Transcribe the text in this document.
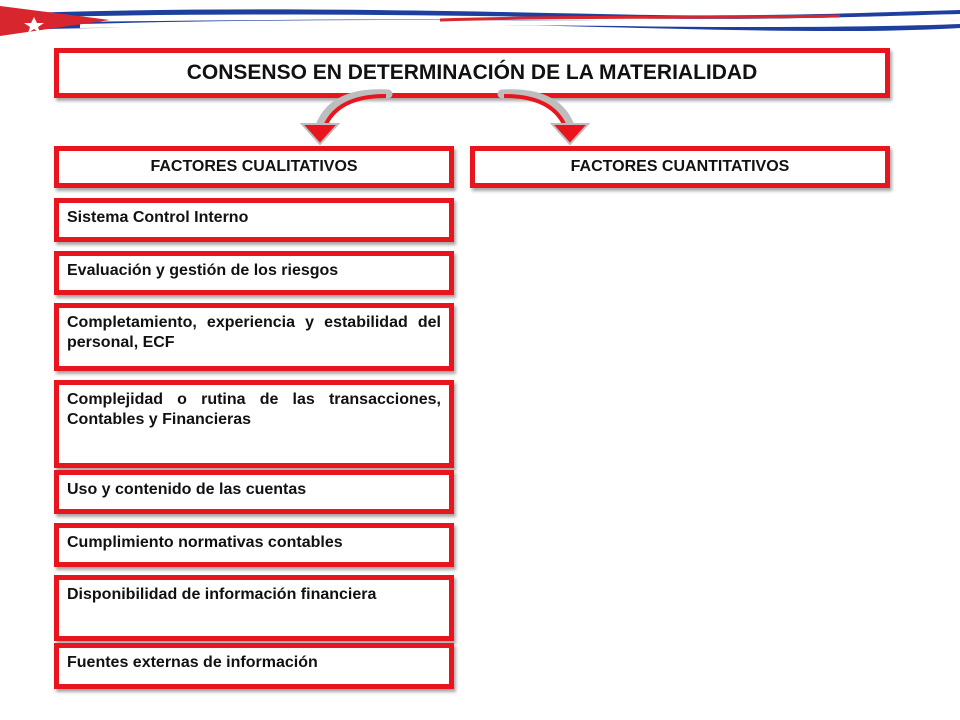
CONSENSO EN DETERMINACIÓN DE LA MATERIALIDAD
FACTORES CUALITATIVOS	FACTORES CUANTITATIVOS
Sistema Control Interno
Evaluación y gestión de los riesgos
Completamiento, experiencia y estabilidad del personal, ECF
Complejidad o rutina de las transacciones, Contables y Financieras
Uso y contenido de las cuentas
Cumplimiento normativas contables
Disponibilidad de información financiera
Fuentes externas de información
